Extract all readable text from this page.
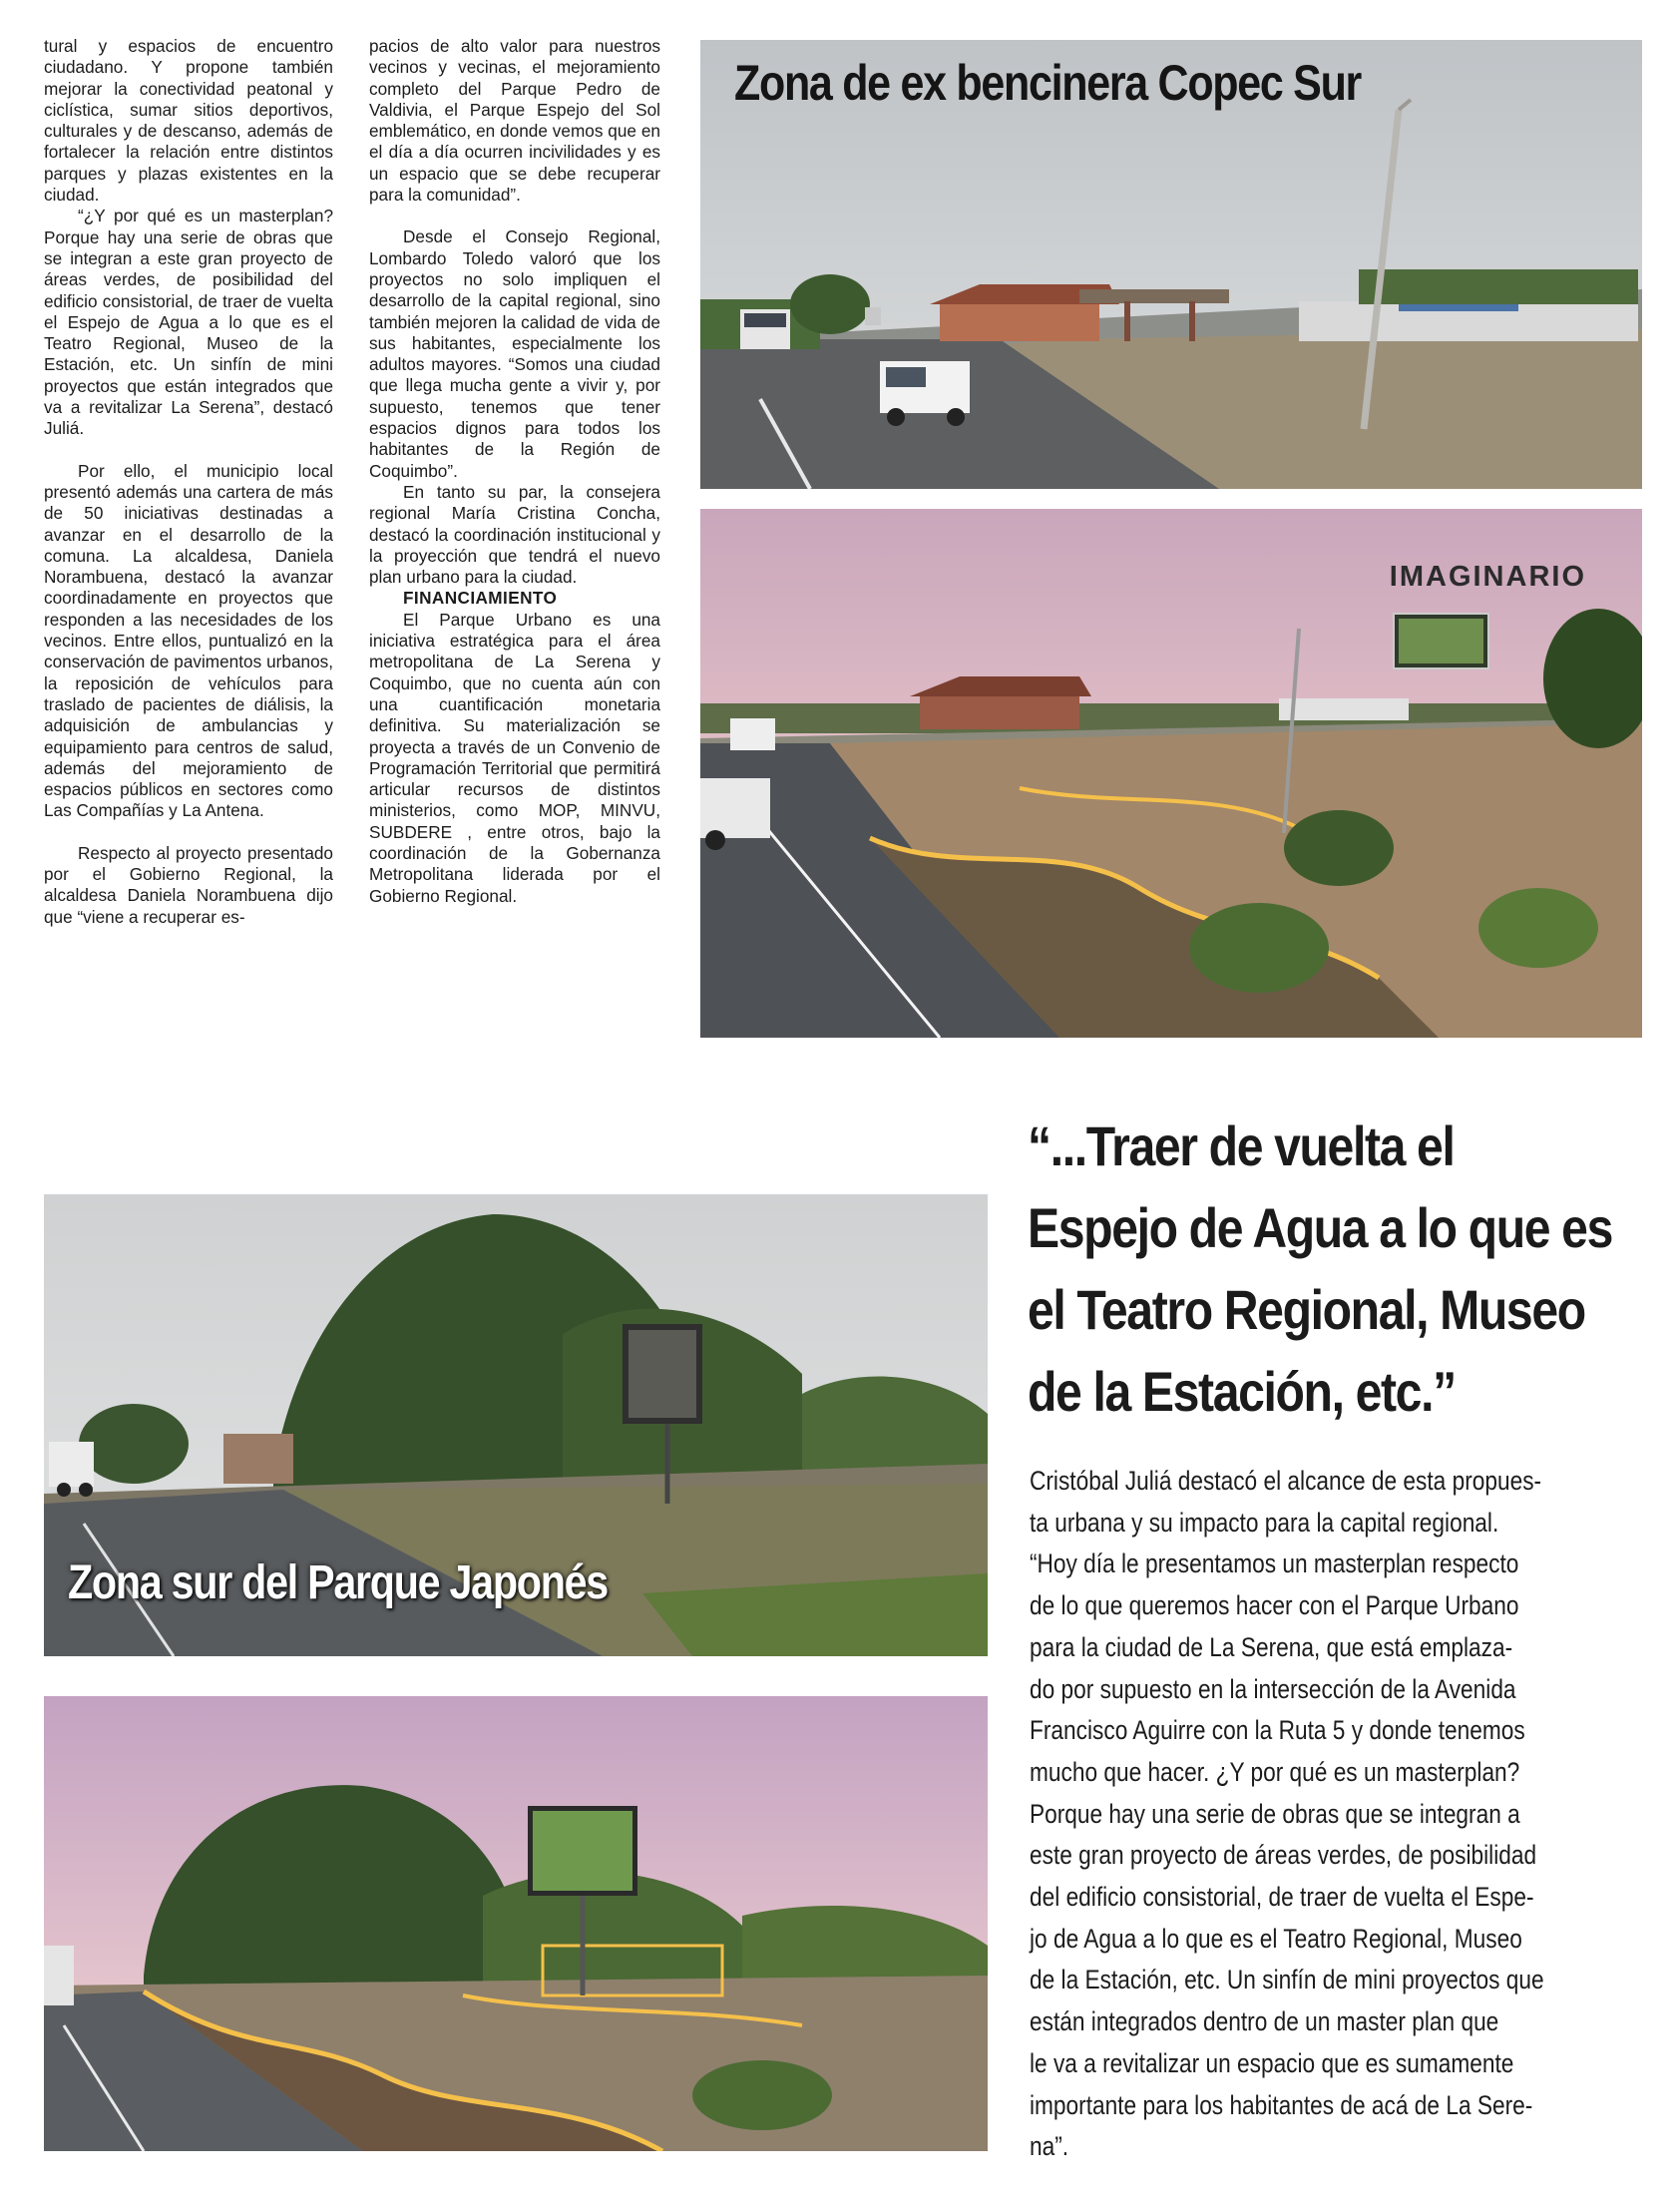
tural y espacios de encuentro ciudadano. Y propone también mejorar la conectividad peatonal y ciclística, sumar sitios deportivos, culturales y de descanso, además de fortalecer la relación entre distintos parques y plazas existentes en la ciudad.

“¿Y por qué es un masterplan? Porque hay una serie de obras que se integran a este gran proyecto de áreas verdes, de posibilidad del edificio consistorial, de traer de vuelta el Espejo de Agua a lo que es el Teatro Regional, Museo de la Estación, etc. Un sinfín de mini proyectos que están integrados que va a revitalizar La Serena”, destacó Juliá.

Por ello, el municipio local presentó además una cartera de más de 50 iniciativas destinadas a avanzar en el desarrollo de la comuna. La alcaldesa, Daniela Norambuena, destacó la avanzar coordinadamente en proyectos que responden a las necesidades de los vecinos. Entre ellos, puntualizó en la conservación de pavimentos urbanos, la reposición de vehículos para traslado de pacientes de diálisis, la adquisición de ambulancias y equipamiento para centros de salud, además del mejoramiento de espacios públicos en sectores como Las Compañías y La Antena.

Respecto al proyecto presentado por el Gobierno Regional, la alcaldesa Daniela Norambuena dijo que “viene a recuperar es-

pacios de alto valor para nuestros vecinos y vecinas, el mejoramiento completo del Parque Pedro de Valdivia, el Parque Espejo del Sol emblemático, en donde vemos que en el día a día ocurren incivilidades y es un espacio que se debe recuperar para la comunidad”.

Desde el Consejo Regional, Lombardo Toledo valoró que los proyectos no solo impliquen el desarrollo de la capital regional, sino también mejoren la calidad de vida de sus habitantes, especialmente los adultos mayores. “Somos una ciudad que llega mucha gente a vivir y, por supuesto, tenemos que tener espacios dignos para todos los habitantes de la Región de Coquimbo”.

En tanto su par, la consejera regional María Cristina Concha, destacó la coordinación institucional y la proyección que tendrá el nuevo plan urbano para la ciudad.

FINANCIAMIENTO

El Parque Urbano es una iniciativa estratégica para el área metropolitana de La Serena y Coquimbo, que no cuenta aún con una cuantificación monetaria definitiva. Su materialización se proyecta a través de un Convenio de Programación Territorial que permitirá articular recursos de distintos ministerios, como MOP, MINVU, SUBDERE , entre otros, bajo la coordinación de la Gobernanza Metropolitana liderada por el Gobierno Regional.

Zona de ex bencinera Copec Sur
IMAGINARIO
Zona sur del Parque Japonés
“...Traer de vuelta el
Espejo de Agua a lo que es
el Teatro Regional, Museo
de la Estación, etc.”
Cristóbal Juliá destacó el alcance de esta propues-
ta urbana y su impacto para la capital regional.
“Hoy día le presentamos un masterplan respecto
de lo que queremos hacer con el Parque Urbano
para la ciudad de La Serena, que está emplaza-
do por supuesto en la intersección de la Avenida
Francisco Aguirre con la Ruta 5 y donde tenemos
mucho que hacer. ¿Y por qué es un masterplan?
Porque hay una serie de obras que se integran a
este gran proyecto de áreas verdes, de posibilidad
del edificio consistorial, de traer de vuelta el Espe-
jo de Agua a lo que es el Teatro Regional, Museo
de la Estación, etc. Un sinfín de mini proyectos que
están integrados dentro de un master plan que
le va a revitalizar un espacio que es sumamente
importante para los habitantes de acá de La Sere-
na”.
